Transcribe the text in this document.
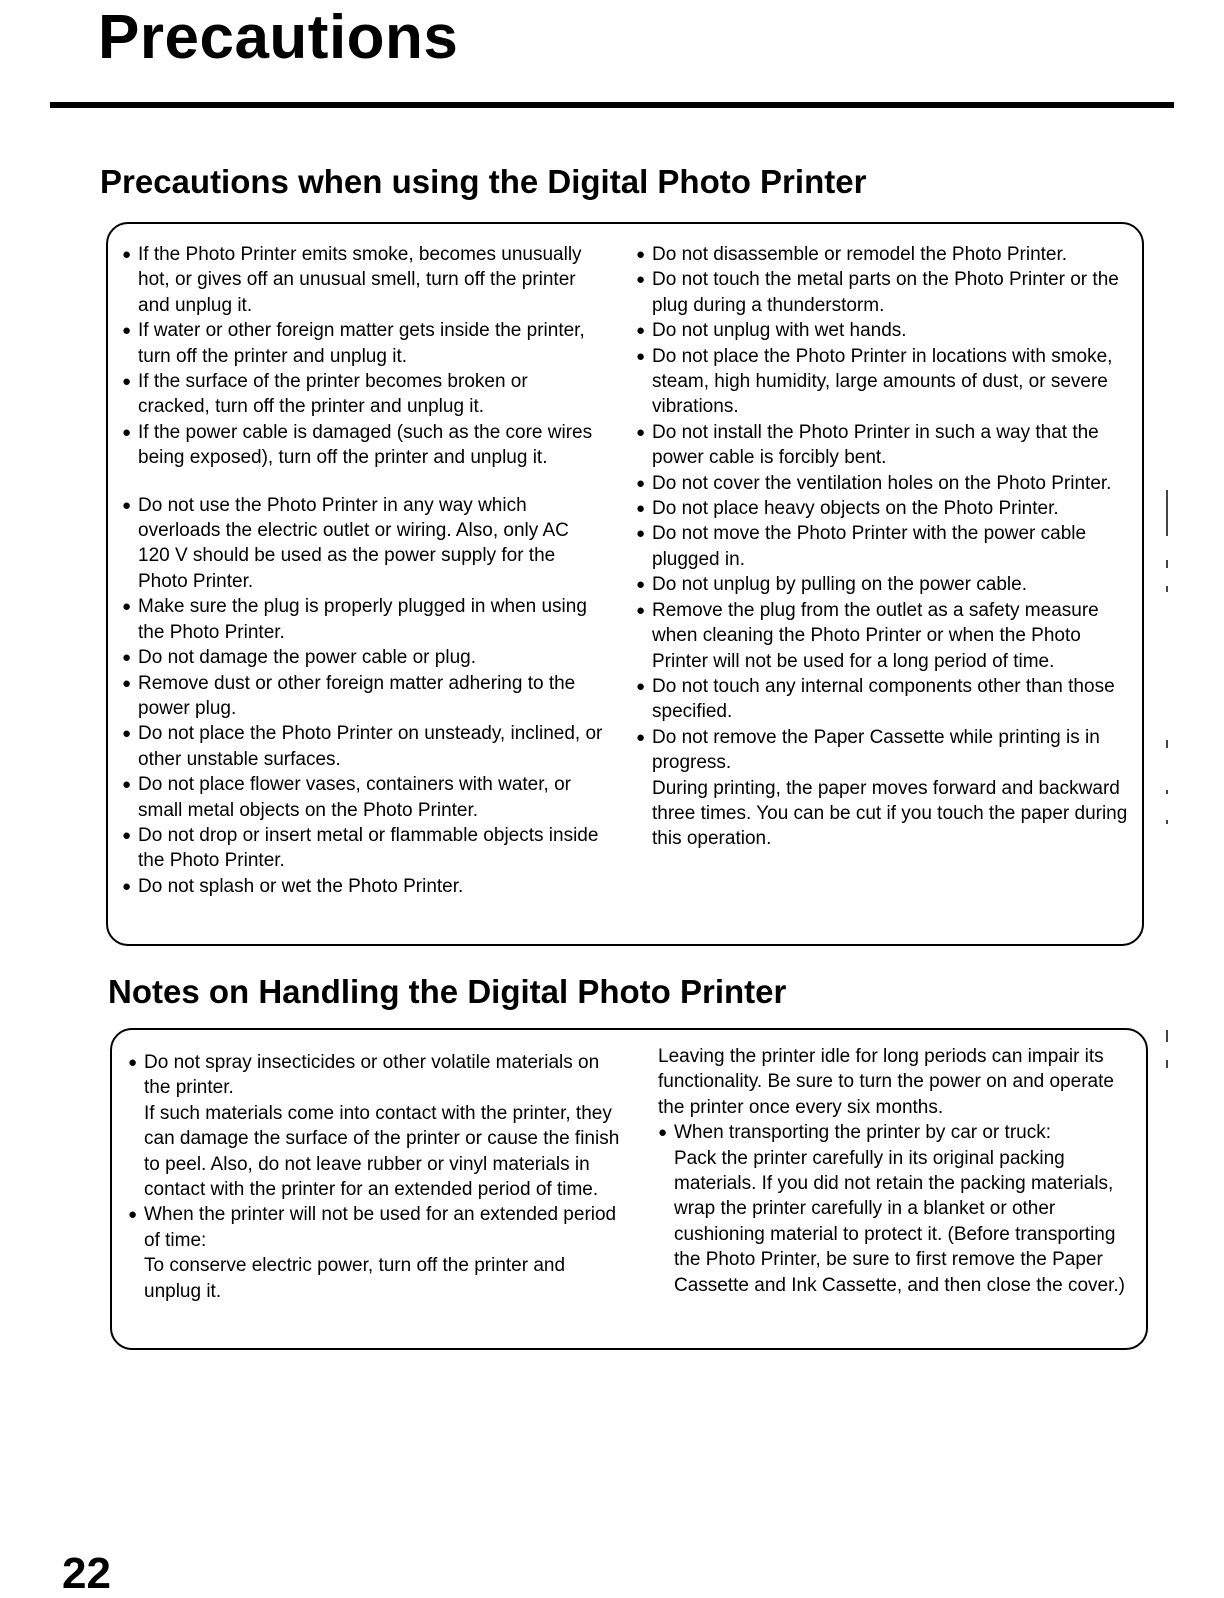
Precautions
Precautions when using the Digital Photo Printer

● If the Photo Printer emits smoke, becomes unusually hot, or gives off an unusual smell, turn off the printer and unplug it.

● If water or other foreign matter gets inside the printer, turn off the printer and unplug it.

● If the surface of the printer becomes broken or cracked, turn off the printer and unplug it.

● If the power cable is damaged (such as the core wires being exposed), turn off the printer and unplug it.

● Do not use the Photo Printer in any way which overloads the electric outlet or wiring. Also, only AC 120 V should be used as the power supply for the Photo Printer.

● Make sure the plug is properly plugged in when using the Photo Printer.

● Do not damage the power cable or plug.

● Remove dust or other foreign matter adhering to the power plug.

● Do not place the Photo Printer on unsteady, inclined, or other unstable surfaces.

● Do not place flower vases, containers with water, or small metal objects on the Photo Printer.

● Do not drop or insert metal or flammable objects inside the Photo Printer.

● Do not splash or wet the Photo Printer.

● Do not disassemble or remodel the Photo Printer.

● Do not touch the metal parts on the Photo Printer or the plug during a thunderstorm.

● Do not unplug with wet hands.

● Do not place the Photo Printer in locations with smoke, steam, high humidity, large amounts of dust, or severe vibrations.

● Do not install the Photo Printer in such a way that the power cable is forcibly bent.

● Do not cover the ventilation holes on the Photo Printer.

● Do not place heavy objects on the Photo Printer.

● Do not move the Photo Printer with the power cable plugged in.

● Do not unplug by pulling on the power cable.

● Remove the plug from the outlet as a safety measure when cleaning the Photo Printer or when the Photo Printer will not be used for a long period of time.

● Do not touch any internal components other than those specified.

● Do not remove the Paper Cassette while printing is in progress.
During printing, the paper moves forward and backward three times. You can be cut if you touch the paper during this operation.

Notes on Handling the Digital Photo Printer

● Do not spray insecticides or other volatile materials on the printer.
If such materials come into contact with the printer, they can damage the surface of the printer or cause the finish to peel. Also, do not leave rubber or vinyl materials in contact with the printer for an extended period of time.

● When the printer will not be used for an extended period of time:
To conserve electric power, turn off the printer and unplug it.

Leaving the printer idle for long periods can impair its functionality. Be sure to turn the power on and operate the printer once every six months.

● When transporting the printer by car or truck:
Pack the printer carefully in its original packing materials. If you did not retain the packing materials, wrap the printer carefully in a blanket or other cushioning material to protect it. (Before transporting the Photo Printer, be sure to first remove the Paper Cassette and Ink Cassette, and then close the cover.)

22
